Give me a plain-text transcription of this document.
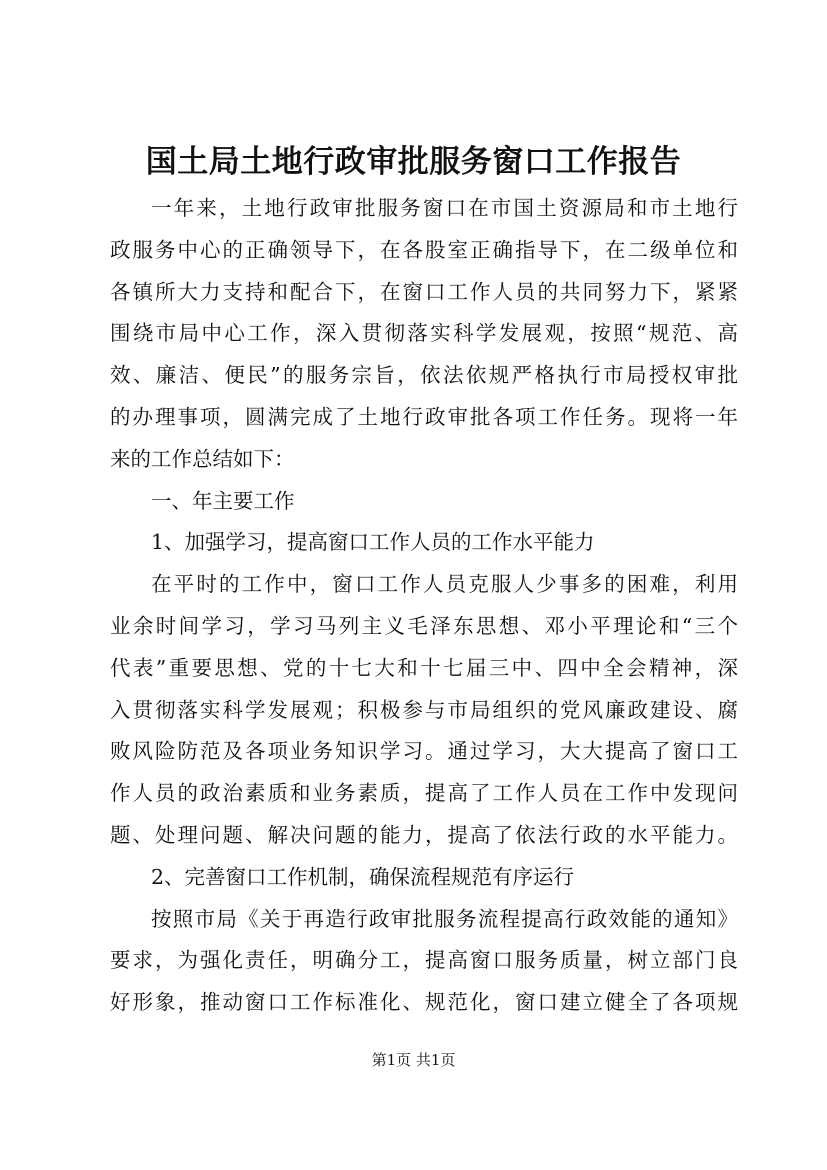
国土局土地行政审批服务窗口工作报告

一年来，土地行政审批服务窗口在市国土资源局和市土地行
政服务中心的正确领导下，在各股室正确指导下，在二级单位和
各镇所大力支持和配合下，在窗口工作人员的共同努力下，紧紧
围绕市局中心工作，深入贯彻落实科学发展观，按照“规范、高
效、廉洁、便民”的服务宗旨，依法依规严格执行市局授权审批
的办理事项，圆满完成了土地行政审批各项工作任务。现将一年
来的工作总结如下：

一、年主要工作

1、加强学习，提高窗口工作人员的工作水平能力

在平时的工作中，窗口工作人员克服人少事多的困难，利用
业余时间学习，学习马列主义毛泽东思想、邓小平理论和“三个
代表”重要思想、党的十七大和十七届三中、四中全会精神，深
入贯彻落实科学发展观；积极参与市局组织的党风廉政建设、腐
败风险防范及各项业务知识学习。通过学习，大大提高了窗口工
作人员的政治素质和业务素质，提高了工作人员在工作中发现问
题、处理问题、解决问题的能力，提高了依法行政的水平能力。

2、完善窗口工作机制，确保流程规范有序运行

按照市局《关于再造行政审批服务流程提高行政效能的通知》
要求，为强化责任，明确分工，提高窗口服务质量，树立部门良
好形象，推动窗口工作标准化、规范化，窗口建立健全了各项规

第1页 共1页
